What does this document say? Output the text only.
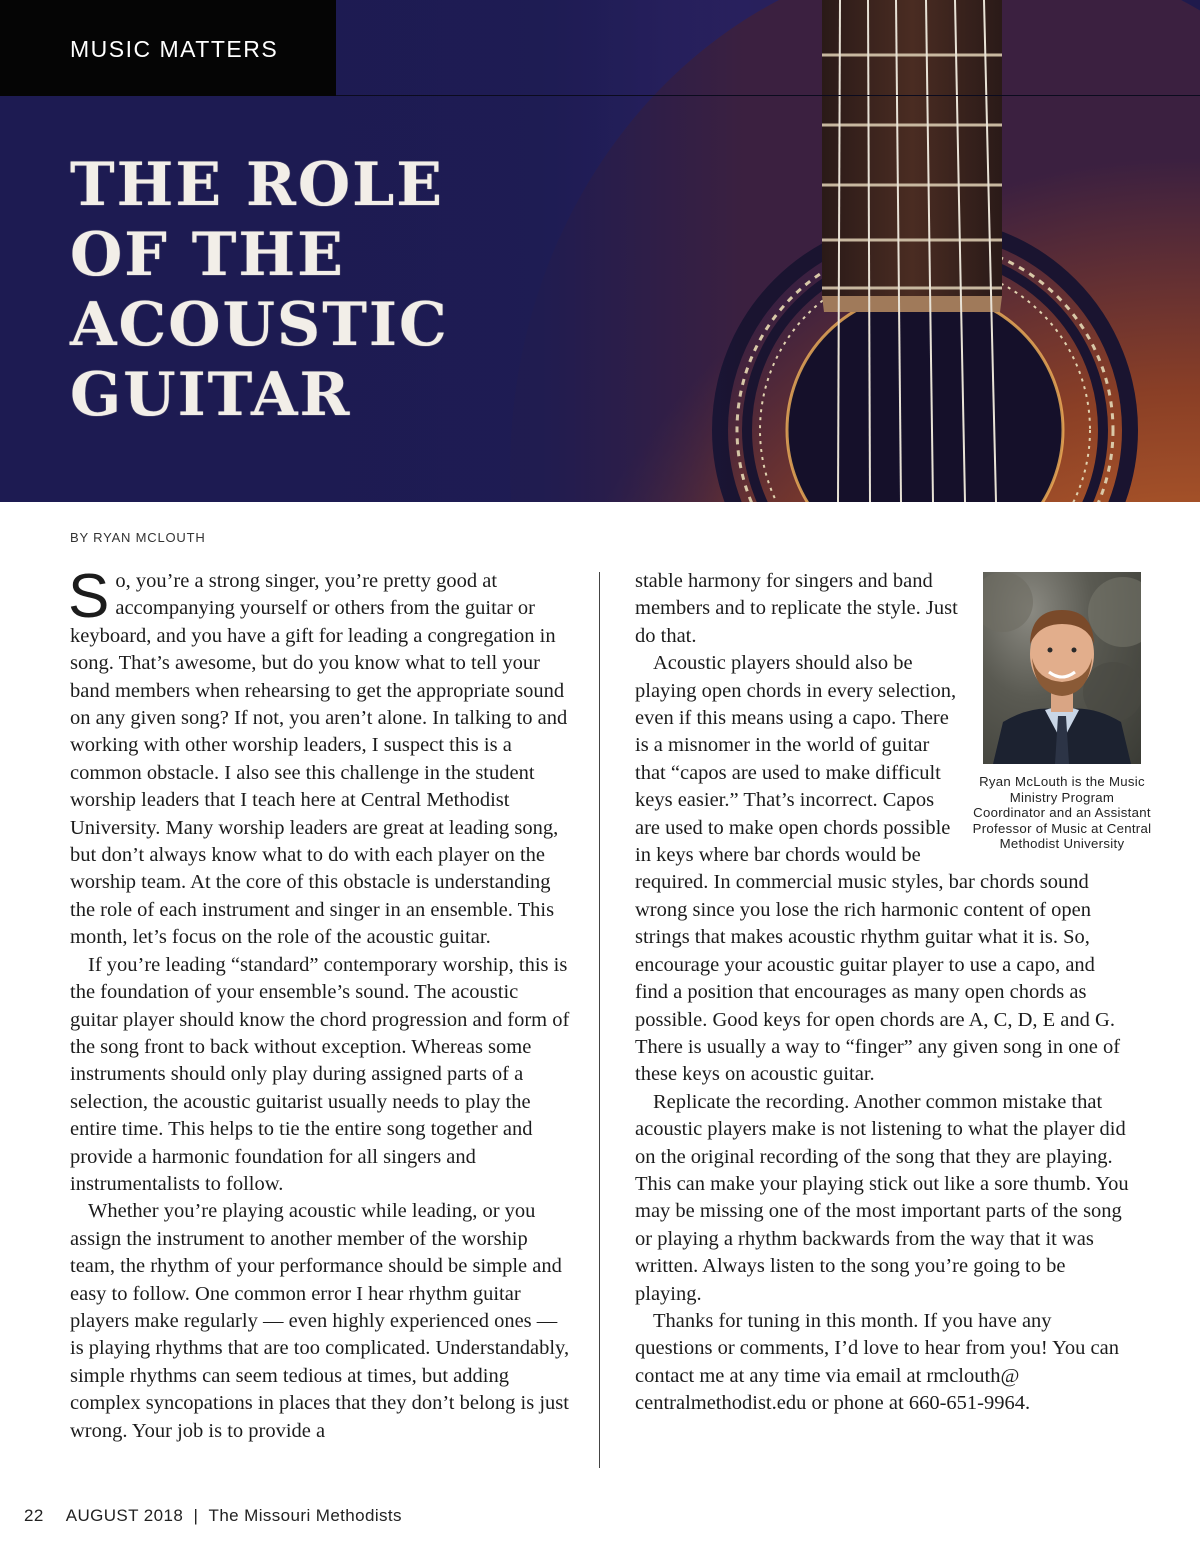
MUSIC MATTERS
THE ROLE
OF THE
ACOUSTIC
GUITAR
BY RYAN MCLOUTH

So, you’re a strong singer, you’re pretty good at accompanying yourself or others from the guitar or keyboard, and you have a gift for leading a congregation in song. That’s awesome, but do you know what to tell your band members when rehearsing to get the appropriate sound on any given song? If not, you aren’t alone. In talking to and working with other worship leaders, I suspect this is a common obstacle. I also see this challenge in the student worship leaders that I teach here at Central Methodist University. Many worship leaders are great at leading song, but don’t always know what to do with each player on the worship team. At the core of this obstacle is understanding the role of each instrument and singer in an ensemble. This month, let’s focus on the role of the acoustic guitar.

If you’re leading “standard” contemporary worship, this is the foundation of your ensemble’s sound. The acoustic guitar player should know the chord progression and form of the song front to back without exception. Whereas some instruments should only play during assigned parts of a selection, the acoustic guitarist usually needs to play the entire time. This helps to tie the entire song together and provide a harmonic foundation for all singers and instrumentalists to follow.

Whether you’re playing acoustic while leading, or you assign the instrument to another member of the worship team, the rhythm of your performance should be simple and easy to follow. One common error I hear rhythm guitar players make regularly — even highly experienced ones — is playing rhythms that are too complicated. Understandably, simple rhythms can seem tedious at times, but adding complex syncopations in places that they don’t belong is just wrong. Your job is to provide a

Ryan McLouth is the Music Ministry Program Coordinator and an Assistant Professor of Music at Central Methodist University

stable harmony for singers and band members and to replicate the style. Just do that.

Acoustic players should also be playing open chords in every selection, even if this means using a capo. There is a misnomer in the world of guitar that “capos are used to make difficult keys easier.” That’s incorrect. Capos are used to make open chords possible in keys where bar chords would be required. In commercial music styles, bar chords sound wrong since you lose the rich harmonic content of open strings that makes acoustic rhythm guitar what it is. So, encourage your acoustic guitar player to use a capo, and find a position that encourages as many open chords as possible. Good keys for open chords are A, C, D, E and G. There is usually a way to “finger” any given song in one of these keys on acoustic guitar.

Replicate the recording. Another common mistake that acoustic players make is not listening to what the player did on the original recording of the song that they are playing. This can make your playing stick out like a sore thumb. You may be missing one of the most important parts of the song or playing a rhythm backwards from the way that it was written. Always listen to the song you’re going to be playing.

Thanks for tuning in this month. If you have any questions or comments, I’d love to hear from you! You can contact me at any time via email at rmclouth@ centralmethodist.edu or phone at 660-651-9964.

22 AUGUST 2018 | The Missouri Methodists
